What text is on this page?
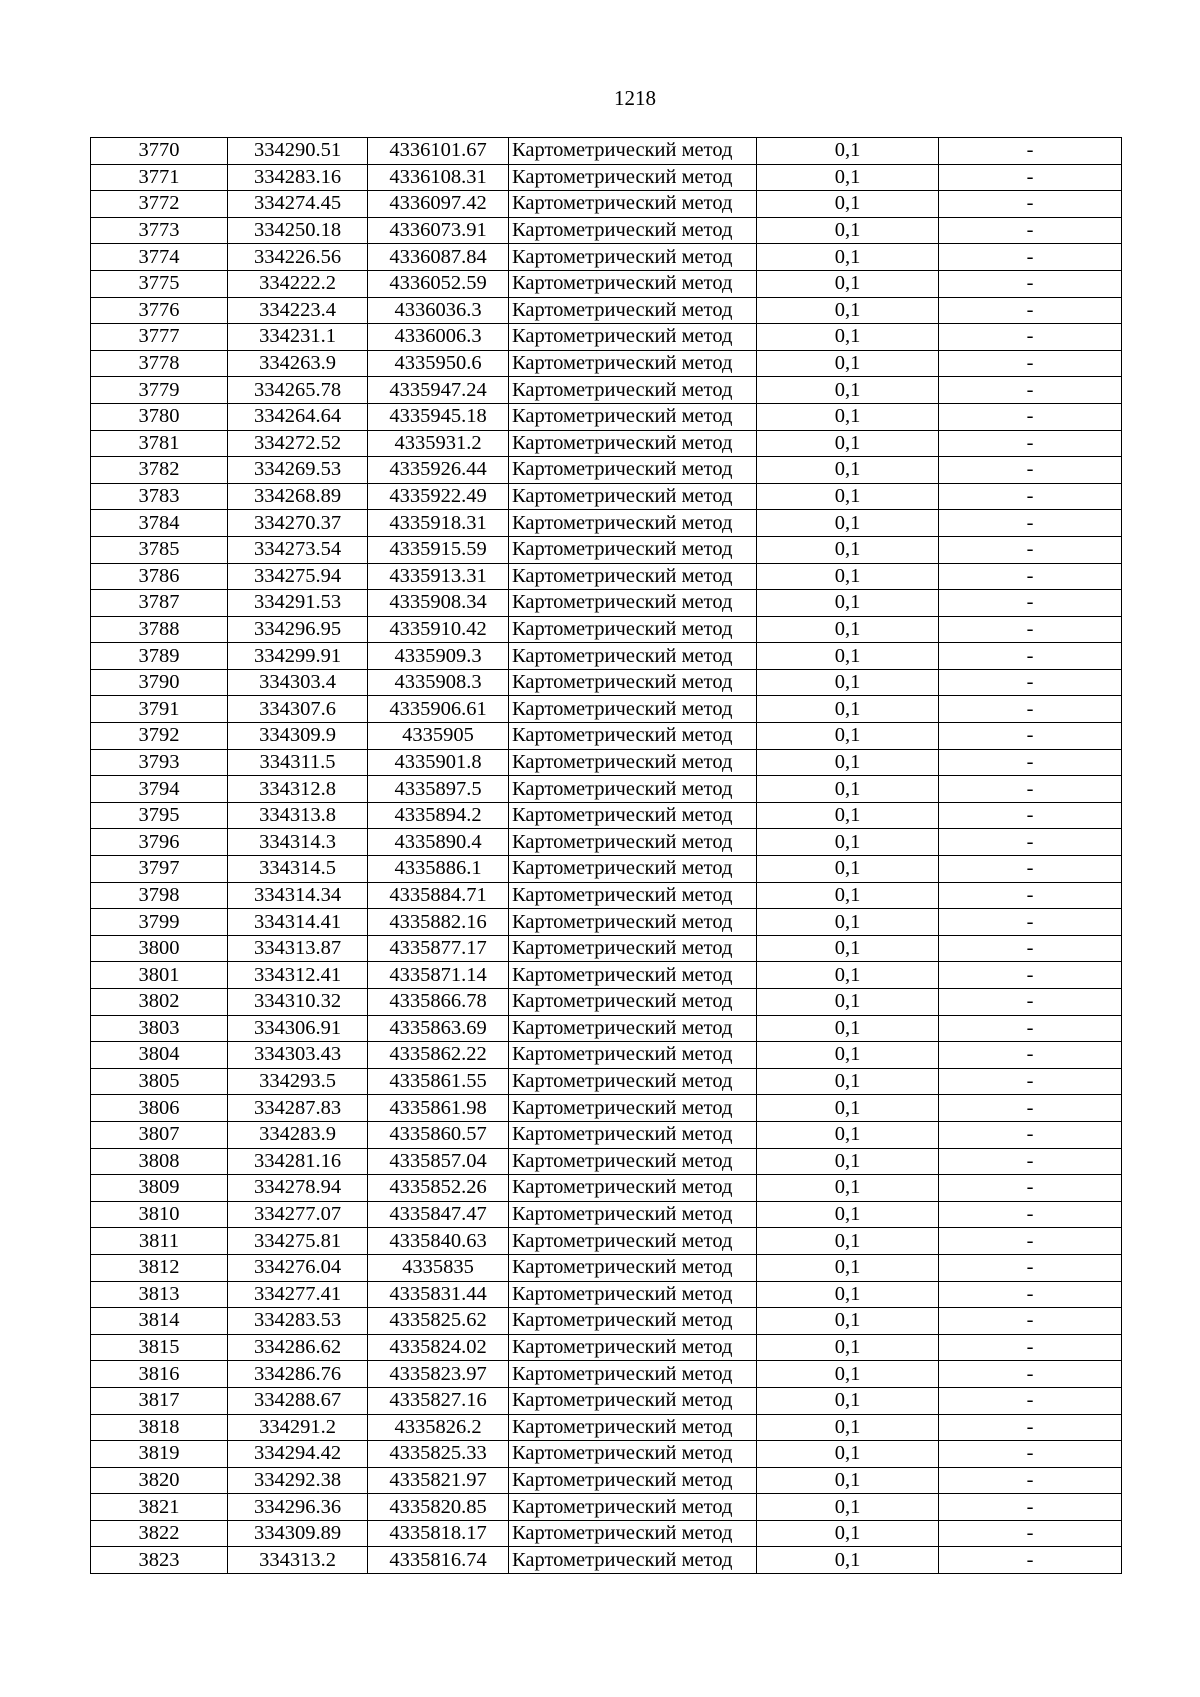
1218
3770	334290.51	4336101.67	Картометрический метод	0,1	-
3771	334283.16	4336108.31	Картометрический метод	0,1	-
3772	334274.45	4336097.42	Картометрический метод	0,1	-
3773	334250.18	4336073.91	Картометрический метод	0,1	-
3774	334226.56	4336087.84	Картометрический метод	0,1	-
3775	334222.2	4336052.59	Картометрический метод	0,1	-
3776	334223.4	4336036.3	Картометрический метод	0,1	-
3777	334231.1	4336006.3	Картометрический метод	0,1	-
3778	334263.9	4335950.6	Картометрический метод	0,1	-
3779	334265.78	4335947.24	Картометрический метод	0,1	-
3780	334264.64	4335945.18	Картометрический метод	0,1	-
3781	334272.52	4335931.2	Картометрический метод	0,1	-
3782	334269.53	4335926.44	Картометрический метод	0,1	-
3783	334268.89	4335922.49	Картометрический метод	0,1	-
3784	334270.37	4335918.31	Картометрический метод	0,1	-
3785	334273.54	4335915.59	Картометрический метод	0,1	-
3786	334275.94	4335913.31	Картометрический метод	0,1	-
3787	334291.53	4335908.34	Картометрический метод	0,1	-
3788	334296.95	4335910.42	Картометрический метод	0,1	-
3789	334299.91	4335909.3	Картометрический метод	0,1	-
3790	334303.4	4335908.3	Картометрический метод	0,1	-
3791	334307.6	4335906.61	Картометрический метод	0,1	-
3792	334309.9	4335905	Картометрический метод	0,1	-
3793	334311.5	4335901.8	Картометрический метод	0,1	-
3794	334312.8	4335897.5	Картометрический метод	0,1	-
3795	334313.8	4335894.2	Картометрический метод	0,1	-
3796	334314.3	4335890.4	Картометрический метод	0,1	-
3797	334314.5	4335886.1	Картометрический метод	0,1	-
3798	334314.34	4335884.71	Картометрический метод	0,1	-
3799	334314.41	4335882.16	Картометрический метод	0,1	-
3800	334313.87	4335877.17	Картометрический метод	0,1	-
3801	334312.41	4335871.14	Картометрический метод	0,1	-
3802	334310.32	4335866.78	Картометрический метод	0,1	-
3803	334306.91	4335863.69	Картометрический метод	0,1	-
3804	334303.43	4335862.22	Картометрический метод	0,1	-
3805	334293.5	4335861.55	Картометрический метод	0,1	-
3806	334287.83	4335861.98	Картометрический метод	0,1	-
3807	334283.9	4335860.57	Картометрический метод	0,1	-
3808	334281.16	4335857.04	Картометрический метод	0,1	-
3809	334278.94	4335852.26	Картометрический метод	0,1	-
3810	334277.07	4335847.47	Картометрический метод	0,1	-
3811	334275.81	4335840.63	Картометрический метод	0,1	-
3812	334276.04	4335835	Картометрический метод	0,1	-
3813	334277.41	4335831.44	Картометрический метод	0,1	-
3814	334283.53	4335825.62	Картометрический метод	0,1	-
3815	334286.62	4335824.02	Картометрический метод	0,1	-
3816	334286.76	4335823.97	Картометрический метод	0,1	-
3817	334288.67	4335827.16	Картометрический метод	0,1	-
3818	334291.2	4335826.2	Картометрический метод	0,1	-
3819	334294.42	4335825.33	Картометрический метод	0,1	-
3820	334292.38	4335821.97	Картометрический метод	0,1	-
3821	334296.36	4335820.85	Картометрический метод	0,1	-
3822	334309.89	4335818.17	Картометрический метод	0,1	-
3823	334313.2	4335816.74	Картометрический метод	0,1	-
